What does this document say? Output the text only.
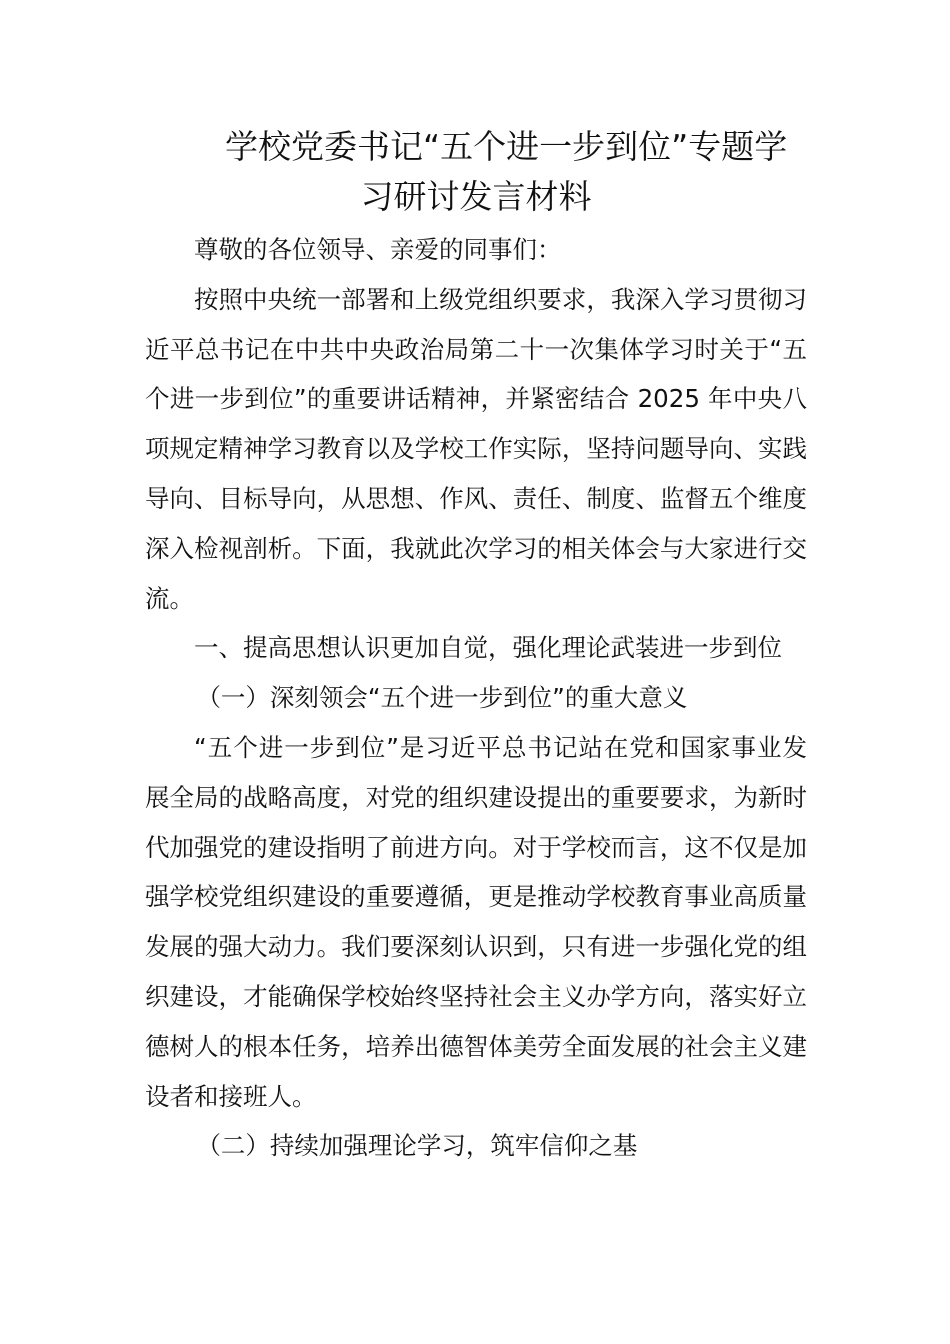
学校党委书记“五个进一步到位”专题学
习研讨发言材料

尊敬的各位领导、亲爱的同事们：

按照中央统一部署和上级党组织要求，我深入学习贯彻习近平总书记在中共中央政治局第二十一次集体学习时关于“五个进一步到位”的重要讲话精神，并紧密结合 2025 年中央八项规定精神学习教育以及学校工作实际，坚持问题导向、实践导向、目标导向，从思想、作风、责任、制度、监督五个维度深入检视剖析。下面，我就此次学习的相关体会与大家进行交流。

一、提高思想认识更加自觉，强化理论武装进一步到位

（一）深刻领会“五个进一步到位”的重大意义

“五个进一步到位”是习近平总书记站在党和国家事业发展全局的战略高度，对党的组织建设提出的重要要求，为新时代加强党的建设指明了前进方向。对于学校而言，这不仅是加强学校党组织建设的重要遵循，更是推动学校教育事业高质量发展的强大动力。我们要深刻认识到，只有进一步强化党的组织建设，才能确保学校始终坚持社会主义办学方向，落实好立德树人的根本任务，培养出德智体美劳全面发展的社会主义建设者和接班人。

（二）持续加强理论学习，筑牢信仰之基
